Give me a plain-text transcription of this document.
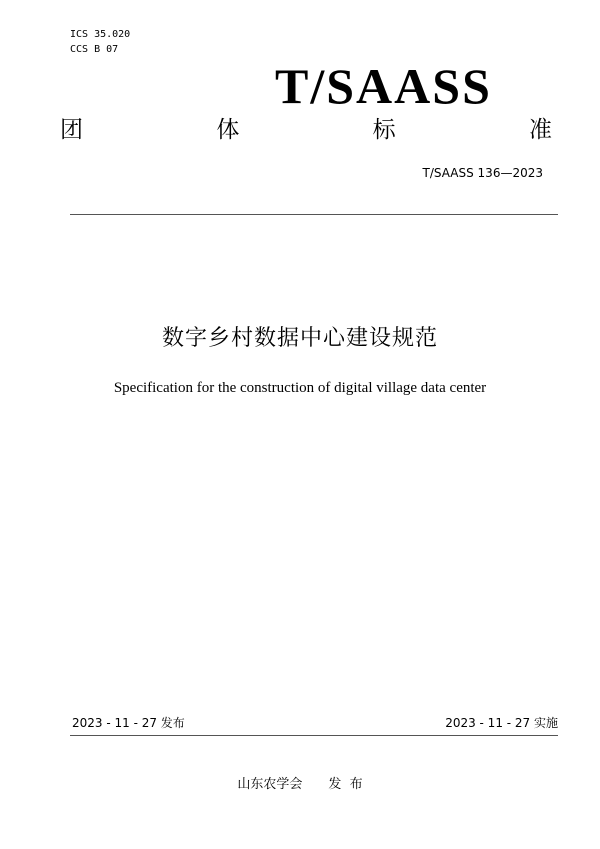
ICS 35.020
CCS B 07
T/SAASS
团	体	标	准
T/SAASS 136—2023
数字乡村数据中心建设规范
Specification for the construction of digital village data center
2023 - 11 - 27 发布	2023 - 11 - 27 实施
山东农学会 发  布
